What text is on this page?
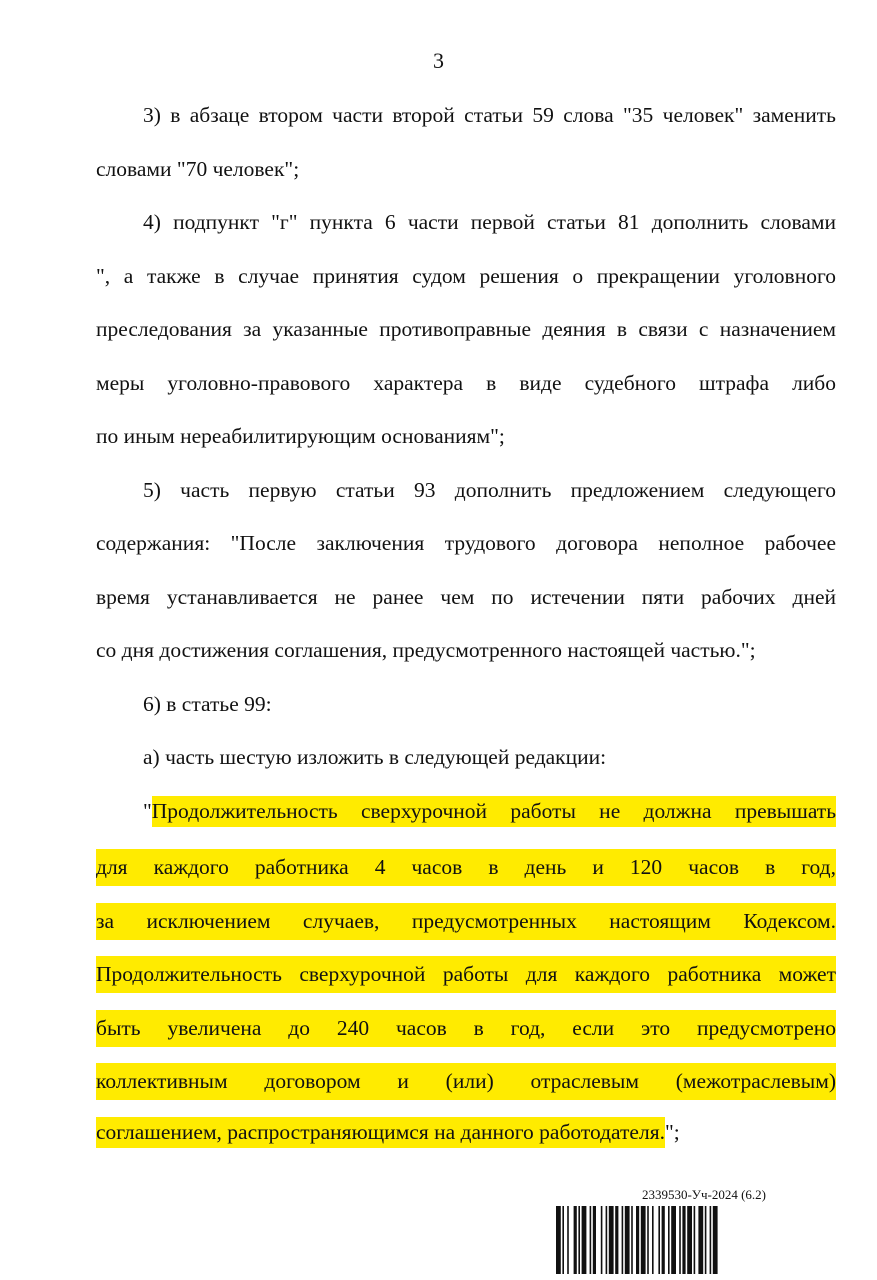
3
3) в абзаце втором части второй статьи 59 слова "35 человек" заменить
словами "70 человек";
4) подпункт "г" пункта 6 части первой статьи 81 дополнить словами
", а также в случае принятия судом решения о прекращении уголовного
преследования за указанные противоправные деяния в связи с назначением
меры уголовно-правового характера в виде судебного штрафа либо
по иным нереабилитирующим основаниям";
5) часть первую статьи 93 дополнить предложением следующего
содержания: "После заключения трудового договора неполное рабочее
время устанавливается не ранее чем по истечении пяти рабочих дней
со дня достижения соглашения, предусмотренного настоящей частью.";
6) в статье 99:
а) часть шестую изложить в следующей редакции:
"Продолжительность сверхурочной работы не должна превышать
для каждого работника 4 часов в день и 120 часов в год,
за исключением случаев, предусмотренных настоящим Кодексом.
Продолжительность сверхурочной работы для каждого работника может
быть увеличена до 240 часов в год, если это предусмотрено
коллективным договором и (или) отраслевым (межотраслевым)
соглашением, распространяющимся на данного работодателя.";
2339530-Уч-2024 (6.2)
